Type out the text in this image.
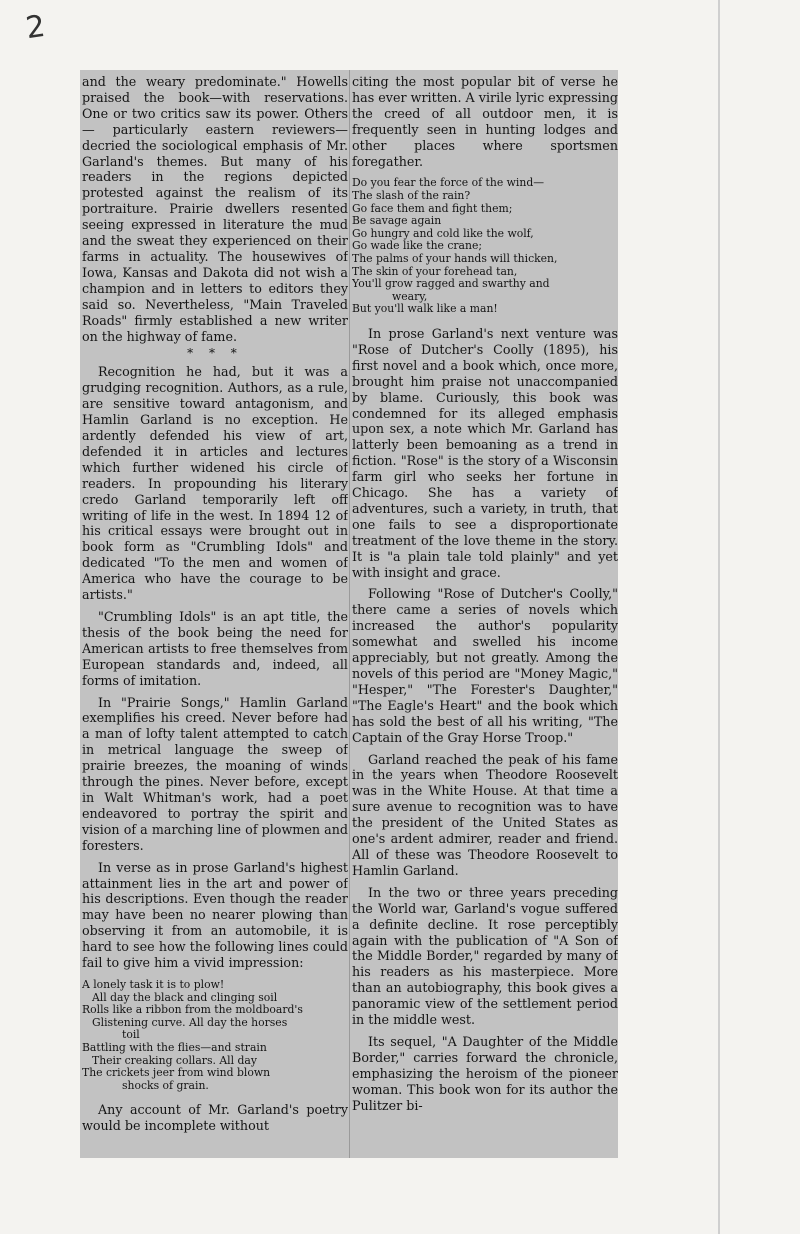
2

and the weary predominate." Howells praised the book—with reservations. One or two critics saw its power. Others — particularly eastern reviewers—decried the sociological emphasis of Mr. Garland's themes. But many of his readers in the regions depicted protested against the realism of its portraiture. Prairie dwellers resented seeing expressed in literature the mud and the sweat they experienced on their farms in actuality. The housewives of Iowa, Kansas and Dakota did not wish a champion and in letters to editors they said so. Nevertheless, "Main Traveled Roads" firmly established a new writer on the highway of fame.

* * *

Recognition he had, but it was a grudging recognition. Authors, as a rule, are sensitive toward antagonism, and Hamlin Garland is no exception. He ardently defended his view of art, defended it in articles and lectures which further widened his circle of readers. In propounding his literary credo Garland temporarily left off writing of life in the west. In 1894 12 of his critical essays were brought out in book form as "Crumbling Idols" and dedicated "To the men and women of America who have the courage to be artists."

"Crumbling Idols" is an apt title, the thesis of the book being the need for American artists to free themselves from European standards and, indeed, all forms of imitation.

In "Prairie Songs," Hamlin Garland exemplifies his creed. Never before had a man of lofty talent attempted to catch in metrical language the sweep of prairie breezes, the moaning of winds through the pines. Never before, except in Walt Whitman's work, had a poet endeavored to portray the spirit and vision of a marching line of plowmen and foresters.

In verse as in prose Garland's highest attainment lies in the art and power of his descriptions. Even though the reader may have been no nearer plowing than observing it from an automobile, it is hard to see how the following lines could fail to give him a vivid impression:

A lonely task it is to plow!
All day the black and clinging soil
Rolls like a ribbon from the moldboard's
Glistening curve. All day the horses
toil
Battling with the flies—and strain
Their creaking collars. All day
The crickets jeer from wind blown
shocks of grain.

Any account of Mr. Garland's poetry would be incomplete without

citing the most popular bit of verse he has ever written. A virile lyric expressing the creed of all outdoor men, it is frequently seen in hunting lodges and other places where sportsmen foregather.

Do you fear the force of the wind—
The slash of the rain?
Go face them and fight them;
Be savage again
Go hungry and cold like the wolf,
Go wade like the crane;
The palms of your hands will thicken,
The skin of your forehead tan,
You'll grow ragged and swarthy and
weary,
But you'll walk like a man!

In prose Garland's next venture was "Rose of Dutcher's Coolly (1895), his first novel and a book which, once more, brought him praise not unaccompanied by blame. Curiously, this book was condemned for its alleged emphasis upon sex, a note which Mr. Garland has latterly been bemoaning as a trend in fiction. "Rose" is the story of a Wisconsin farm girl who seeks her fortune in Chicago. She has a variety of adventures, such a variety, in truth, that one fails to see a disproportionate treatment of the love theme in the story. It is "a plain tale told plainly" and yet with insight and grace.

Following "Rose of Dutcher's Coolly," there came a series of novels which increased the author's popularity somewhat and swelled his income appreciably, but not greatly. Among the novels of this period are "Money Magic," "Hesper," "The Forester's Daughter," "The Eagle's Heart" and the book which has sold the best of all his writing, "The Captain of the Gray Horse Troop."

Garland reached the peak of his fame in the years when Theodore Roosevelt was in the White House. At that time a sure avenue to recognition was to have the president of the United States as one's ardent admirer, reader and friend. All of these was Theodore Roosevelt to Hamlin Garland.

In the two or three years preceding the World war, Garland's vogue suffered a definite decline. It rose perceptibly again with the publication of "A Son of the Middle Border," regarded by many of his readers as his masterpiece. More than an autobiography, this book gives a panoramic view of the settlement period in the middle west.

Its sequel, "A Daughter of the Middle Border," carries forward the chronicle, emphasizing the heroism of the pioneer woman. This book won for its author the Pulitzer bi-
